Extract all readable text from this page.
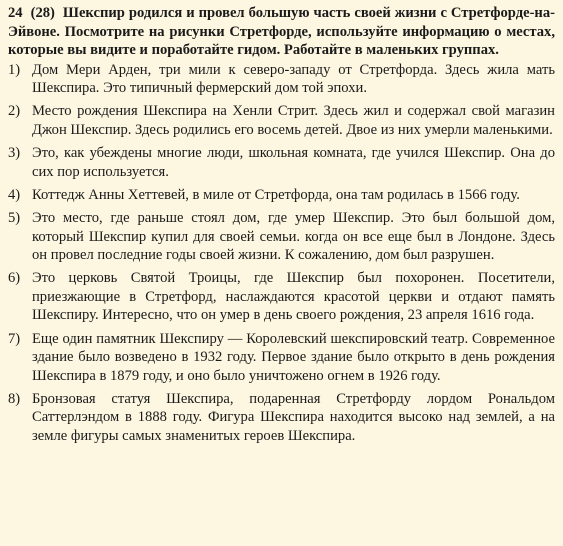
24 (28) Шекспир родился и провел большую часть своей жизни с Стретфорде-на-Эйвоне. Посмотрите на рисунки Стретфорде, используйте информацию о местах, которые вы видите и поработайте гидом. Работайте в маленьких группах.

1) Дом Мери Арден, три мили к северо-западу от Стретфорда. Здесь жила мать Шекспира. Это типичный фермерский дом той эпохи.
2) Место рождения Шекспира на Хенли Стрит. Здесь жил и содержал свой магазин Джон Шекспир. Здесь родились его восемь детей. Двое из них умерли маленькими.
3) Это, как убеждены многие люди, школьная комната, где учился Шекспир. Она до сих пор используется.
4) Коттедж Анны Хеттевей, в миле от Стретфорда, она там родилась в 1566 году.
5) Это место, где раньше стоял дом, где умер Шекспир. Это был большой дом, который Шекспир купил для своей семьи. когда он все еще был в Лондоне. Здесь он провел последние годы своей жизни. К сожалению, дом был разрушен.
6) Это церковь Святой Троицы, где Шекспир был похоронен. Посетители, приезжающие в Стретфорд, наслаждаются красотой церкви и отдают память Шекспиру. Интересно, что он умер в день своего рождения, 23 апреля 1616 года.
7) Еще один памятник Шекспиру — Королевский шекспировский театр. Современное здание было возведено в 1932 году. Первое здание было открыто в день рождения Шекспира в 1879 году, и оно было уничтожено огнем в 1926 году.
8) Бронзовая статуя Шекспира, подаренная Стретфорду лордом Рональдом Саттерлэндом в 1888 году. Фигура Шекспира находится высоко над землей, а на земле фигуры самых знаменитых героев Шекспира.
